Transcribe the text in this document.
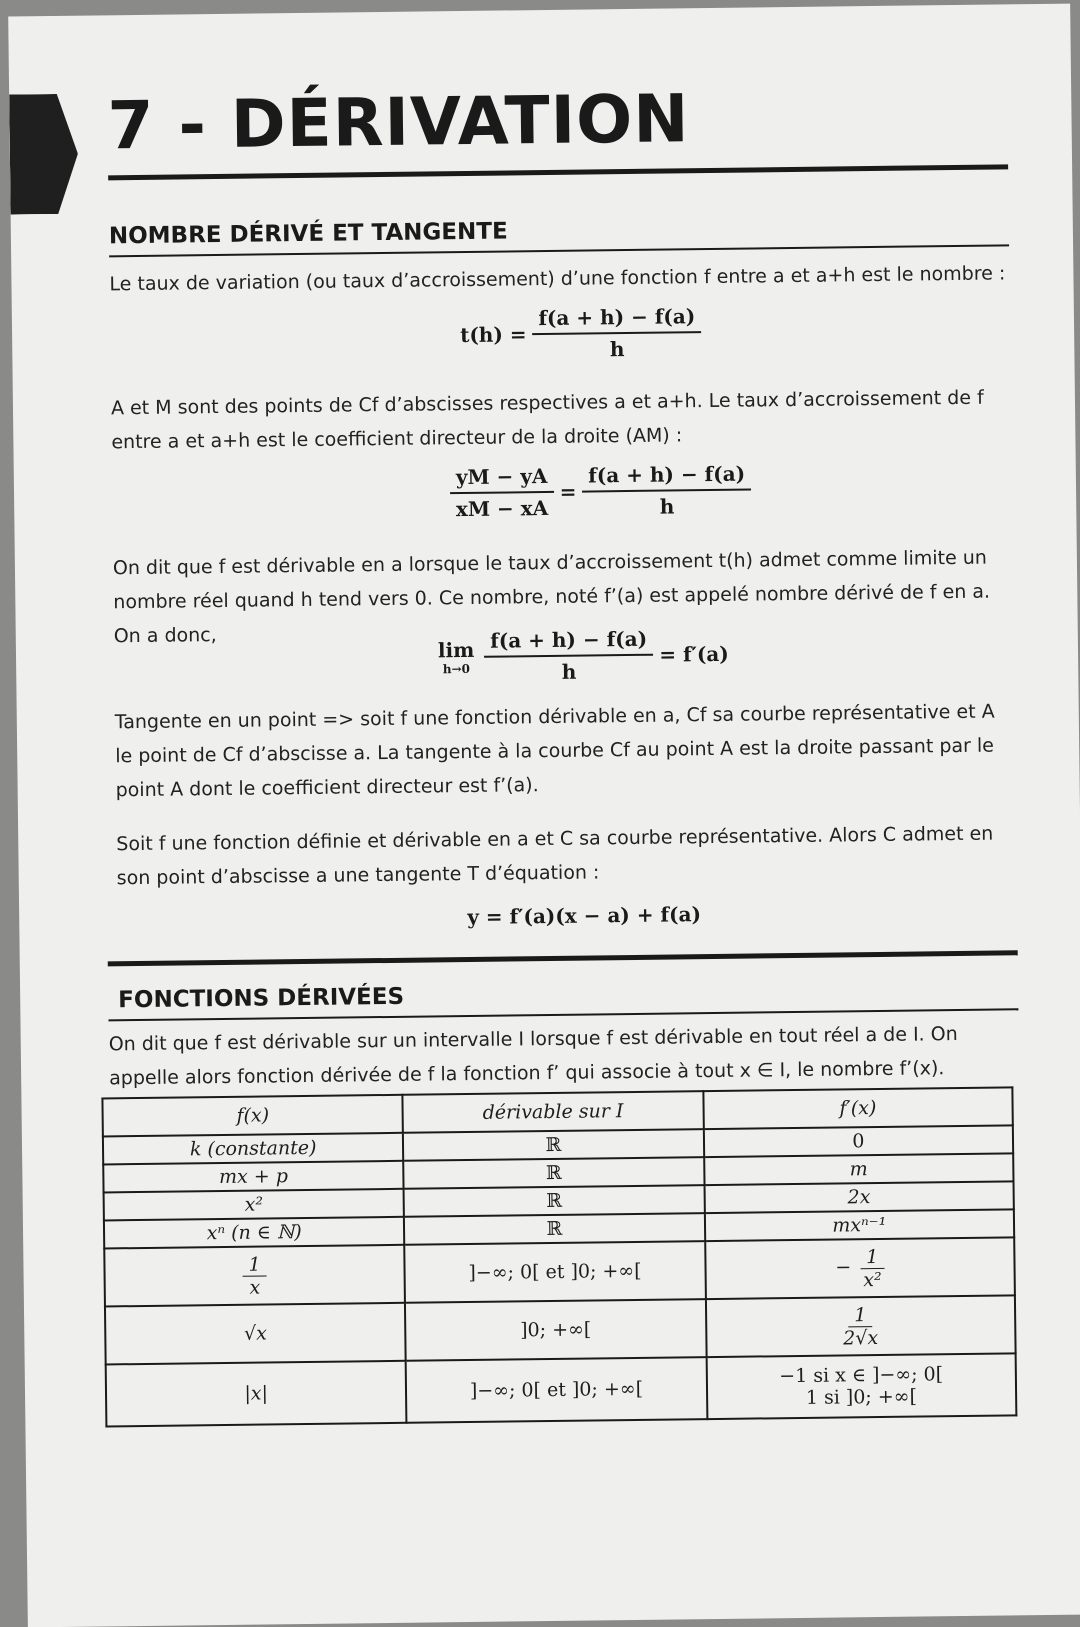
7 - DÉRIVATION
NOMBRE DÉRIVÉ ET TANGENTE

Le taux de variation (ou taux d’accroissement) d’une fonction f entre a et a+h est le nombre :

$t(h) = \frac{f(a + h) - f(a)}{h}$

A et M sont des points de Cf d’abscisses respectives a et a+h. Le taux d’accroissement de f entre a et a+h est le coefficient directeur de la droite (AM) :

$\frac{yM - yA}{xM - xA} = \frac{f(a + h) - f(a)}{h}$

On dit que f est dérivable en a lorsque le taux d’accroissement t(h) admet comme limite un nombre réel quand h tend vers 0. Ce nombre, noté f’(a) est appelé nombre dérivé de f en a. On a donc,

lim
$h\to 0 \frac{f(a + h) - f(a)}{h} = f'(a)$

Tangente en un point => soit f une fonction dérivable en a, Cf sa courbe représentative et A le point de Cf d’abscisse a. La tangente à la courbe Cf au point A est la droite passant par le point A dont le coefficient directeur est f’(a).

Soit f une fonction définie et dérivable en a et C sa courbe représentative. Alors C admet en son point d’abscisse a une tangente T d’équation :

y = f′(a)(x − a) + f(a)
FONCTIONS DÉRIVÉES

On dit que f est dérivable sur un intervalle I lorsque f est dérivable en tout réel a de I. On appelle alors fonction dérivée de f la fonction f’ qui associe à tout x ∈ I, le nombre f’(x).

f(x)	dérivable sur I	f′(x)
k (constante)	ℝ	0
mx + p	ℝ	m
x²	ℝ	2x
xⁿ (n ∈ ℕ)	ℝ	mxⁿ⁻¹

$\frac{1}{x}$	]−∞; 0[ et ]0; +∞[	− $\frac{1}{\text{x²}}$

√x	]0; +∞[	$\frac{1}{2√x}$

|x|	]−∞; 0[ et ]0; +∞[	−1 si x ∈ ]−∞; 0[
1 si ]0; +∞[
